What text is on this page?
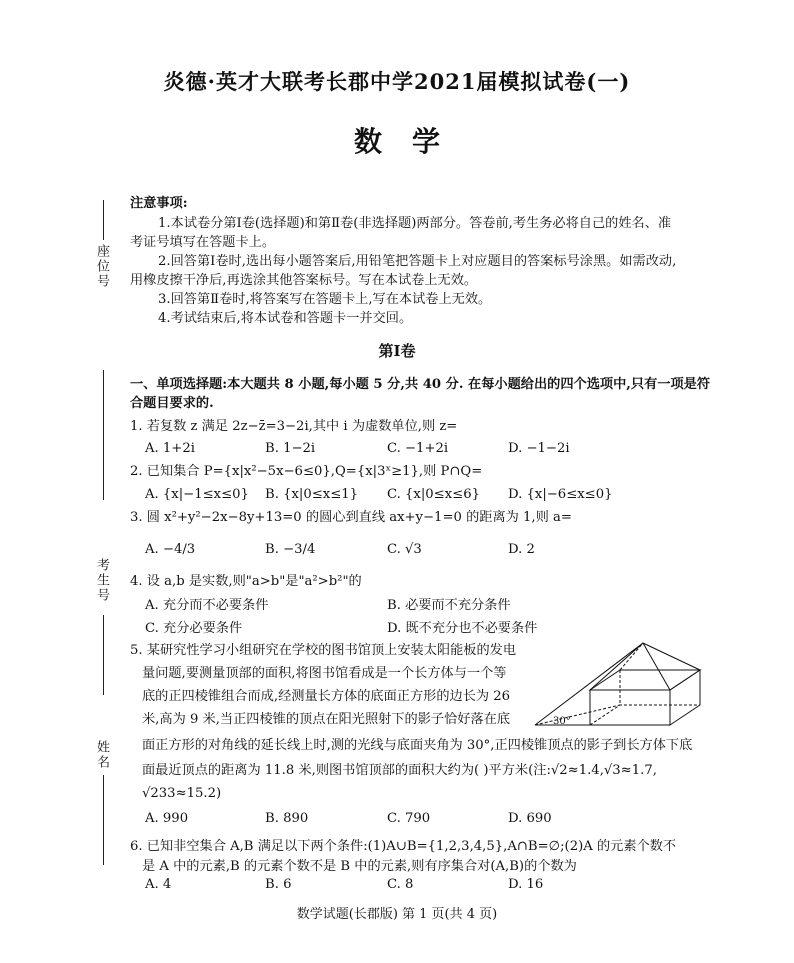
炎德·英才大联考长郡中学2021届模拟试卷(一)
数学
座位号
考生号
姓名
注意事项:
1.本试卷分第Ⅰ卷(选择题)和第Ⅱ卷(非选择题)两部分。答卷前,考生务必将自己的姓名、准
考证号填写在答题卡上。
2.回答第Ⅰ卷时,选出每小题答案后,用铅笔把答题卡上对应题目的答案标号涂黑。如需改动,
用橡皮擦干净后,再选涂其他答案标号。写在本试卷上无效。
3.回答第Ⅱ卷时,将答案写在答题卡上,写在本试卷上无效。
4.考试结束后,将本试卷和答题卡一并交回。
第Ⅰ卷
一、单项选择题:本大题共 8 小题,每小题 5 分,共 40 分. 在每小题给出的四个选项中,只有一项是符
合题目要求的.
1. 若复数 z 满足 2z−z̄=3−2i,其中 i 为虚数单位,则 z=
A. 1+2i	B. 1−2i	C. −1+2i	D. −1−2i
2. 已知集合 P={x|x²−5x−6≤0},Q={x|3ˣ≥1},则 P∩Q=
A. {x|−1≤x≤0} B. {x|0≤x≤1} C. {x|0≤x≤6} D. {x|−6≤x≤0}
3. 圆 x²+y²−2x−8y+13=0 的圆心到直线 ax+y−1=0 的距离为 1,则 a=
A. −4/3	B. −3/4	C. √3	D. 2
4. 设 a,b 是实数,则"a>b"是"a²>b²"的
A. 充分而不必要条件	B. 必要而不充分条件
C. 充分必要条件	D. 既不充分也不必要条件
5. 某研究性学习小组研究在学校的图书馆顶上安装太阳能板的发电
量问题,要测量顶部的面积,将图书馆看成是一个长方体与一个等
底的正四棱锥组合而成,经测量长方体的底面正方形的边长为 26
米,高为 9 米,当正四棱锥的顶点在阳光照射下的影子恰好落在底
面正方形的对角线的延长线上时,测的光线与底面夹角为 30°,正四棱锥顶点的影子到长方体下底
面最近顶点的距离为 11.8 米,则图书馆顶部的面积大约为( )平方米(注:√2≈1.4,√3≈1.7,
√233≈15.2)
A. 990	B. 890	C. 790	D. 690
30°
6. 已知非空集合 A,B 满足以下两个条件:(1)A∪B={1,2,3,4,5},A∩B=∅;(2)A 的元素个数不
是 A 中的元素,B 的元素个数不是 B 中的元素,则有序集合对(A,B)的个数为
A. 4	B. 6	C. 8	D. 16
数学试题(长郡版) 第 1 页(共 4 页)
